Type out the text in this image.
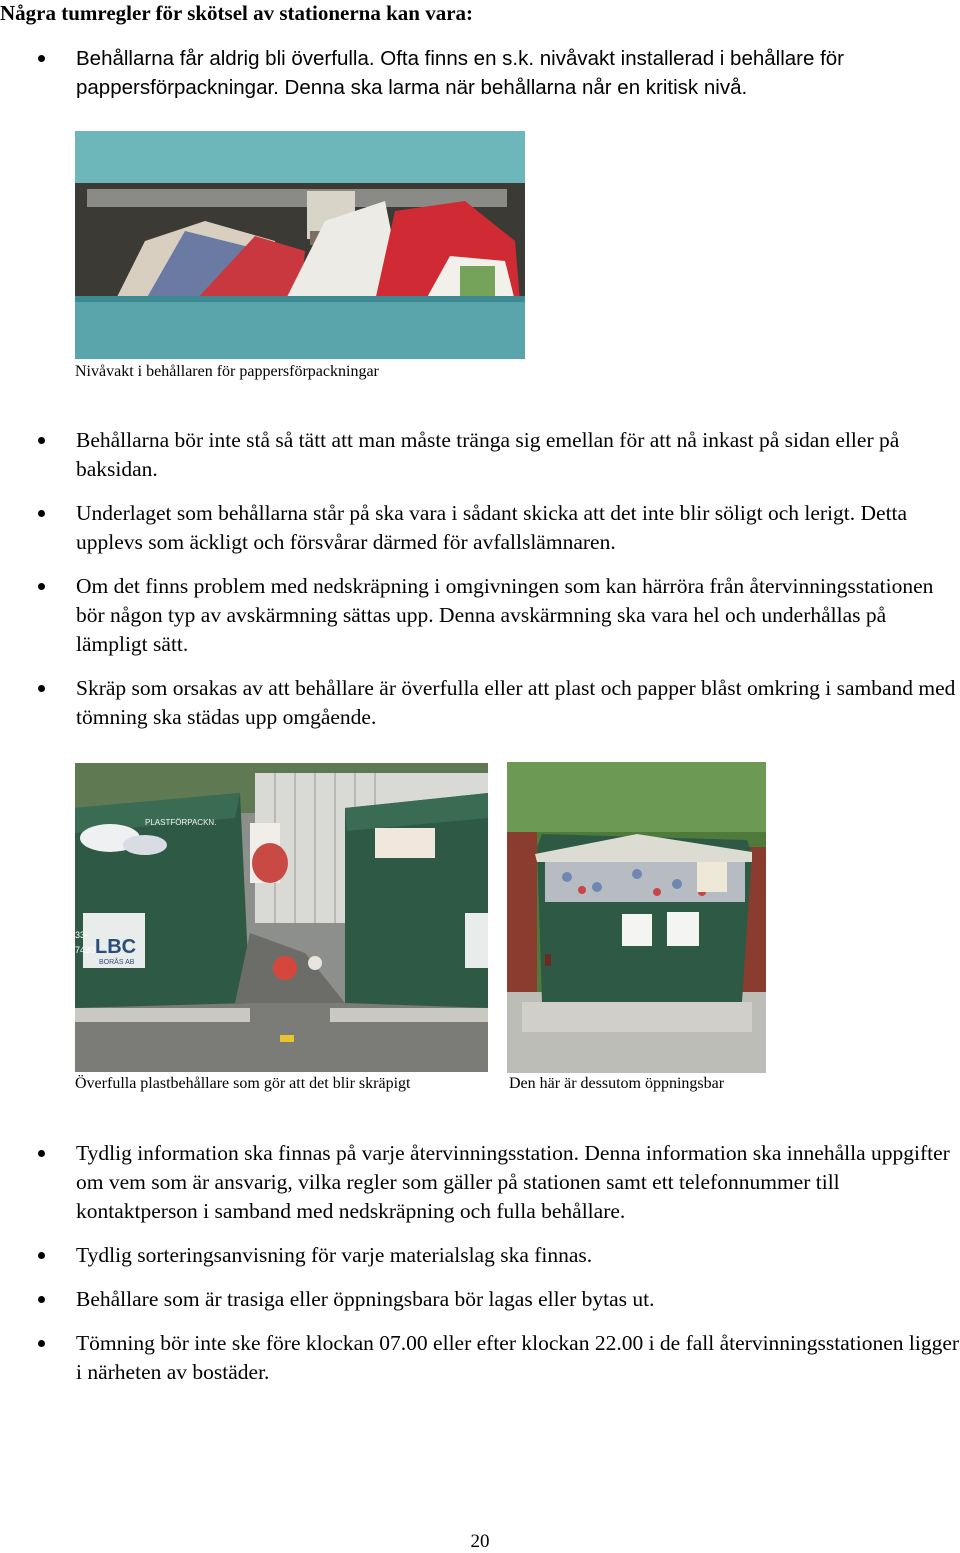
Några tumregler för skötsel av stationerna kan vara:
Behållarna får aldrig bli överfulla. Ofta finns en s.k. nivåvakt installerad i behållare för pappersförpackningar. Denna ska larma när behållarna når en kritisk nivå.
Nivåvakt i behållaren för pappersförpackningar
Behållarna bör inte stå så tätt att man måste tränga sig emellan för att nå inkast på sidan eller på baksidan.
Underlaget som behållarna står på ska vara i sådant skicka att det inte blir söligt och lerigt. Detta upplevs som äckligt och försvårar därmed för avfallslämnaren.
Om det finns problem med nedskräpning i omgivningen som kan härröra från återvinningsstationen bör någon typ av avskärmning sättas upp. Denna avskärmning ska vara hel och underhållas på lämpligt sätt.
Skräp som orsakas av att behållare är överfulla eller att plast och papper blåst omkring i samband med tömning ska städas upp omgående.
LBC
BORÅS AB
33-
7430
PLASTFÖRPACKN.
Överfulla plastbehållare som gör att det blir skräpigt	Den här är dessutom öppningsbar
Tydlig information ska finnas på varje återvinningsstation. Denna information ska innehålla uppgifter om vem som är ansvarig, vilka regler som gäller på stationen samt ett telefonnummer till kontaktperson i samband med nedskräpning och fulla behållare.
Tydlig sorteringsanvisning för varje materialslag ska finnas.
Behållare som är trasiga eller öppningsbara bör lagas eller bytas ut.
Tömning bör inte ske före klockan 07.00 eller efter klockan 22.00 i de fall återvinningsstationen ligger i närheten av bostäder.
20
